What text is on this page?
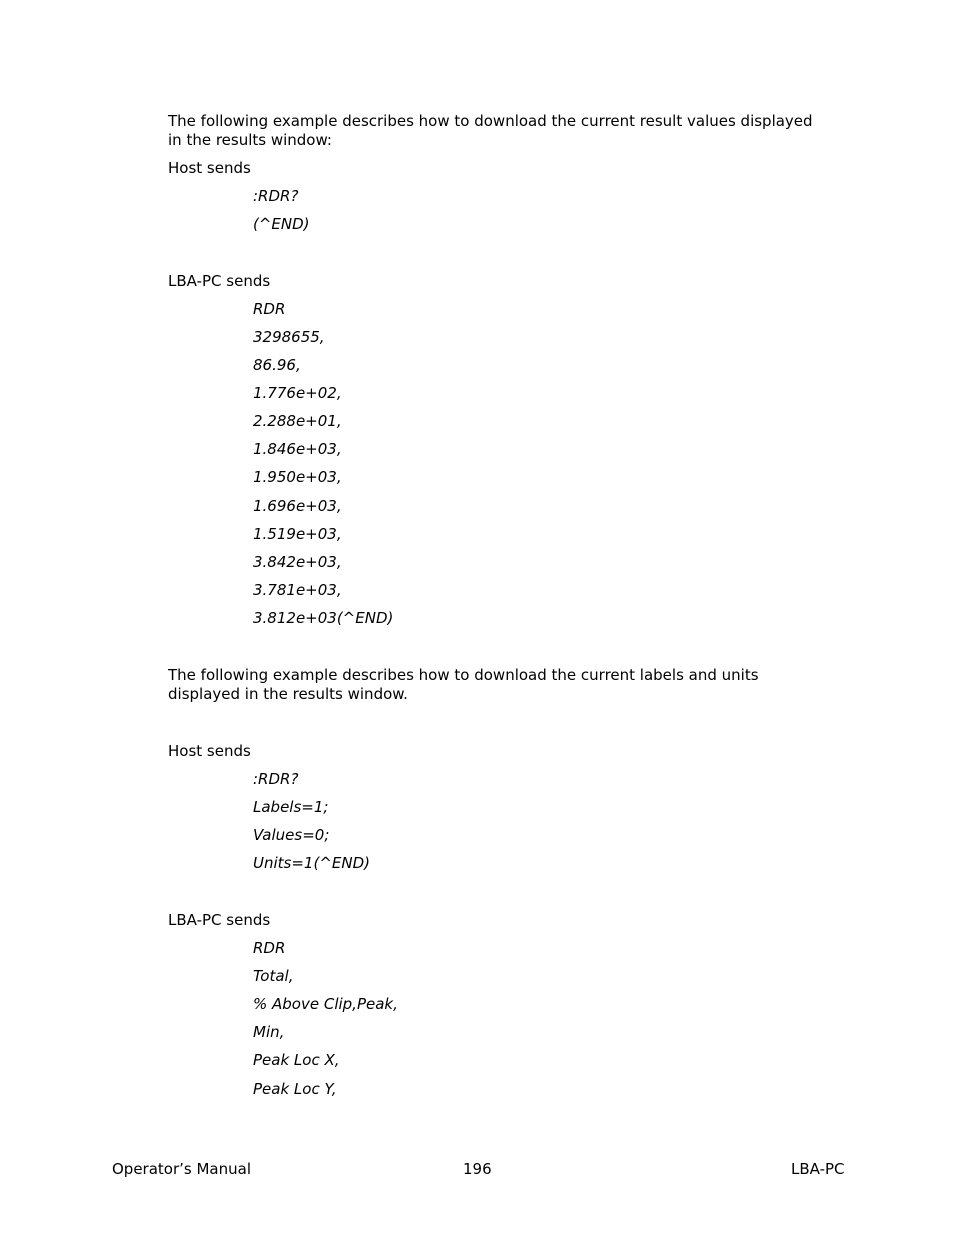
The following example describes how to download the current result values displayed in the results window:

Host sends

:RDR?

(^END)

LBA-PC sends

RDR

3298655,

86.96,

1.776e+02,

2.288e+01,

1.846e+03,

1.950e+03,

1.696e+03,

1.519e+03,

3.842e+03,

3.781e+03,

3.812e+03(^END)

The following example describes how to download the current labels and units displayed in the results window.

Host sends

:RDR?

Labels=1;

Values=0;

Units=1(^END)

LBA-PC sends

RDR

Total,

% Above Clip,Peak,

Min,

Peak Loc X,

Peak Loc Y,

Operator’s Manual	196	LBA-PC
